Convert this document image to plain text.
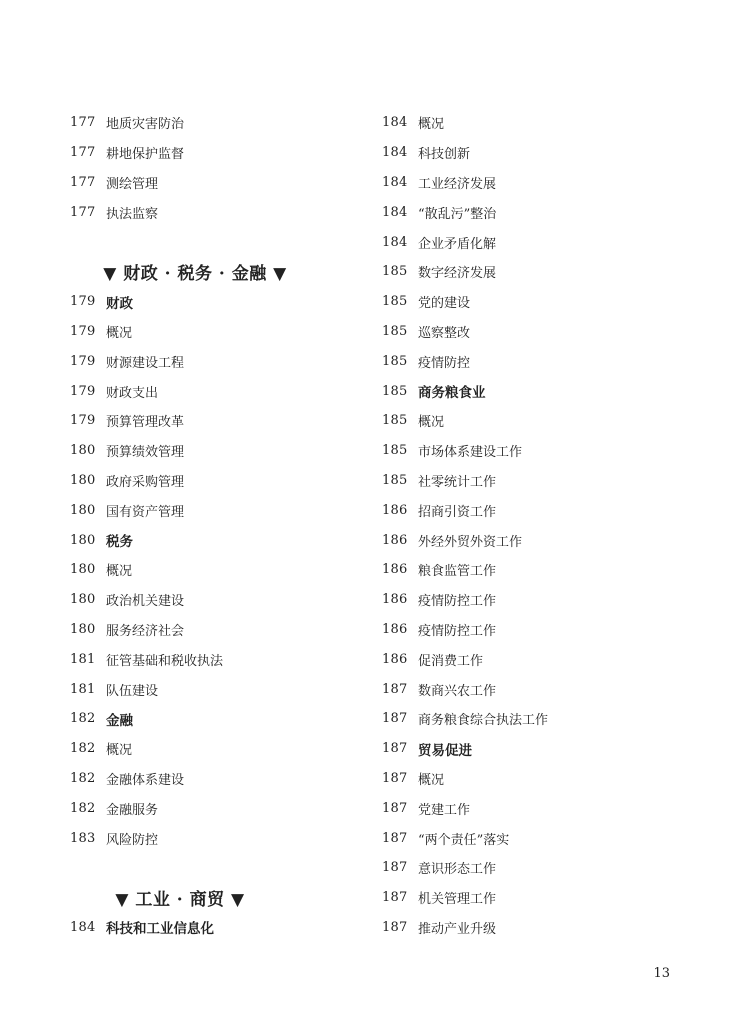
177 地质灾害防治
177 耕地保护监督
177 测绘管理
177 执法监察
▼ 财政 · 税务 · 金融 ▼
179 财政
179 概况
179 财源建设工程
179 财政支出
179 预算管理改革
180 预算绩效管理
180 政府采购管理
180 国有资产管理
180 税务
180 概况
180 政治机关建设
180 服务经济社会
181 征管基础和税收执法
181 队伍建设
182 金融
182 概况
182 金融体系建设
182 金融服务
183 风险防控
▼ 工业 · 商贸 ▼
184 科技和工业信息化
184 概况
184 科技创新
184 工业经济发展
184 “散乱污”整治
184 企业矛盾化解
185 数字经济发展
185 党的建设
185 巡察整改
185 疫情防控
185 商务粮食业
185 概况
185 市场体系建设工作
185 社零统计工作
186 招商引资工作
186 外经外贸外资工作
186 粮食监管工作
186 疫情防控工作
186 疫情防控工作
186 促消费工作
187 数商兴农工作
187 商务粮食综合执法工作
187 贸易促进
187 概况
187 党建工作
187 “两个责任”落实
187 意识形态工作
187 机关管理工作
187 推动产业升级
13
